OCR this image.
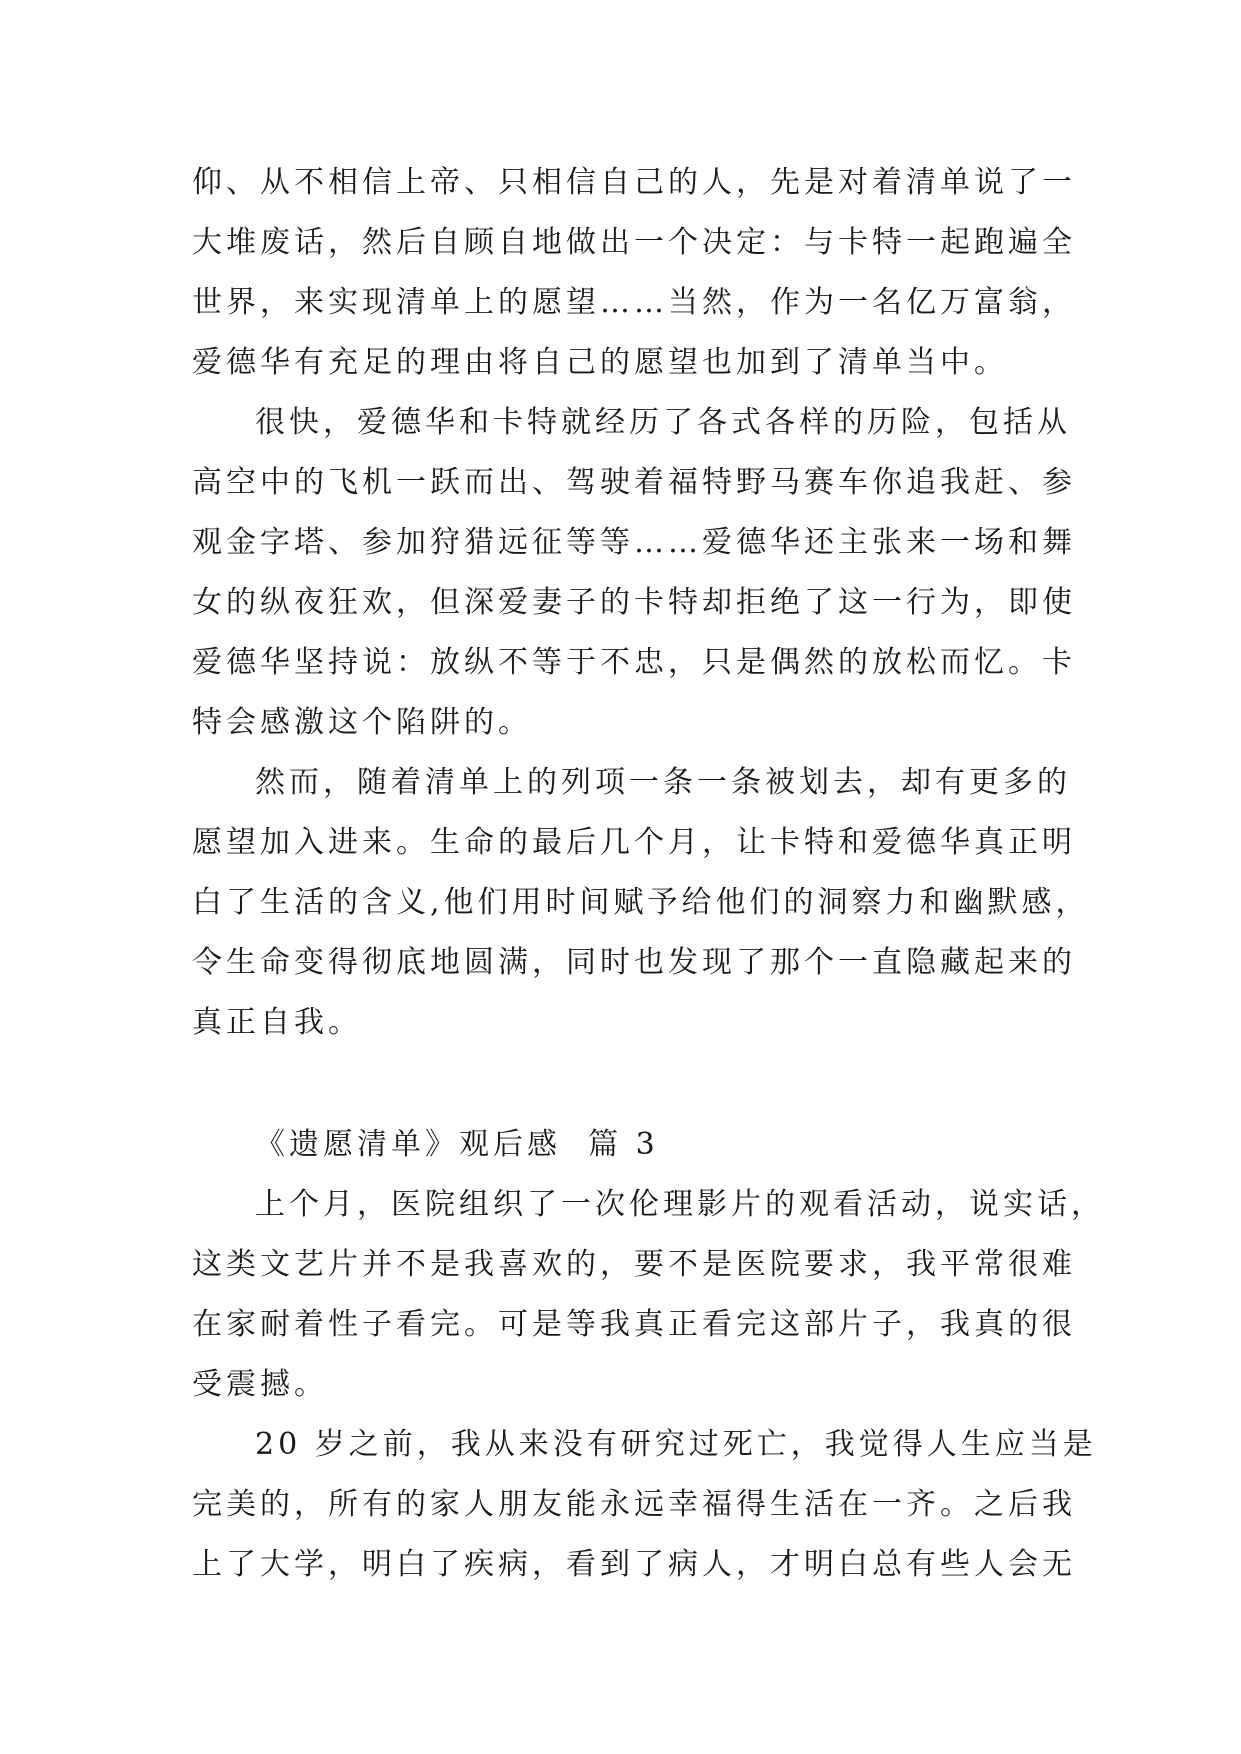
仰、从不相信上帝、只相信自己的人，先是对着清单说了一
大堆废话，然后自顾自地做出一个决定：与卡特一起跑遍全
世界，来实现清单上的愿望……当然，作为一名亿万富翁，
爱德华有充足的理由将自己的愿望也加到了清单当中。
很快，爱德华和卡特就经历了各式各样的历险，包括从
高空中的飞机一跃而出、驾驶着福特野马赛车你追我赶、参
观金字塔、参加狩猎远征等等……爱德华还主张来一场和舞
女的纵夜狂欢，但深爱妻子的卡特却拒绝了这一行为，即使
爱德华坚持说：放纵不等于不忠，只是偶然的放松而忆。卡
特会感激这个陷阱的。
然而，随着清单上的列项一条一条被划去，却有更多的
愿望加入进来。生命的最后几个月，让卡特和爱德华真正明
白了生活的含义,他们用时间赋予给他们的洞察力和幽默感，
令生命变得彻底地圆满，同时也发现了那个一直隐藏起来的
真正自我。
《遗愿清单》观后感  篇 3
上个月，医院组织了一次伦理影片的观看活动，说实话，
这类文艺片并不是我喜欢的，要不是医院要求，我平常很难
在家耐着性子看完。可是等我真正看完这部片子，我真的很
受震撼。
20 岁之前，我从来没有研究过死亡，我觉得人生应当是
完美的，所有的家人朋友能永远幸福得生活在一齐。之后我
上了大学，明白了疾病，看到了病人，才明白总有些人会无
